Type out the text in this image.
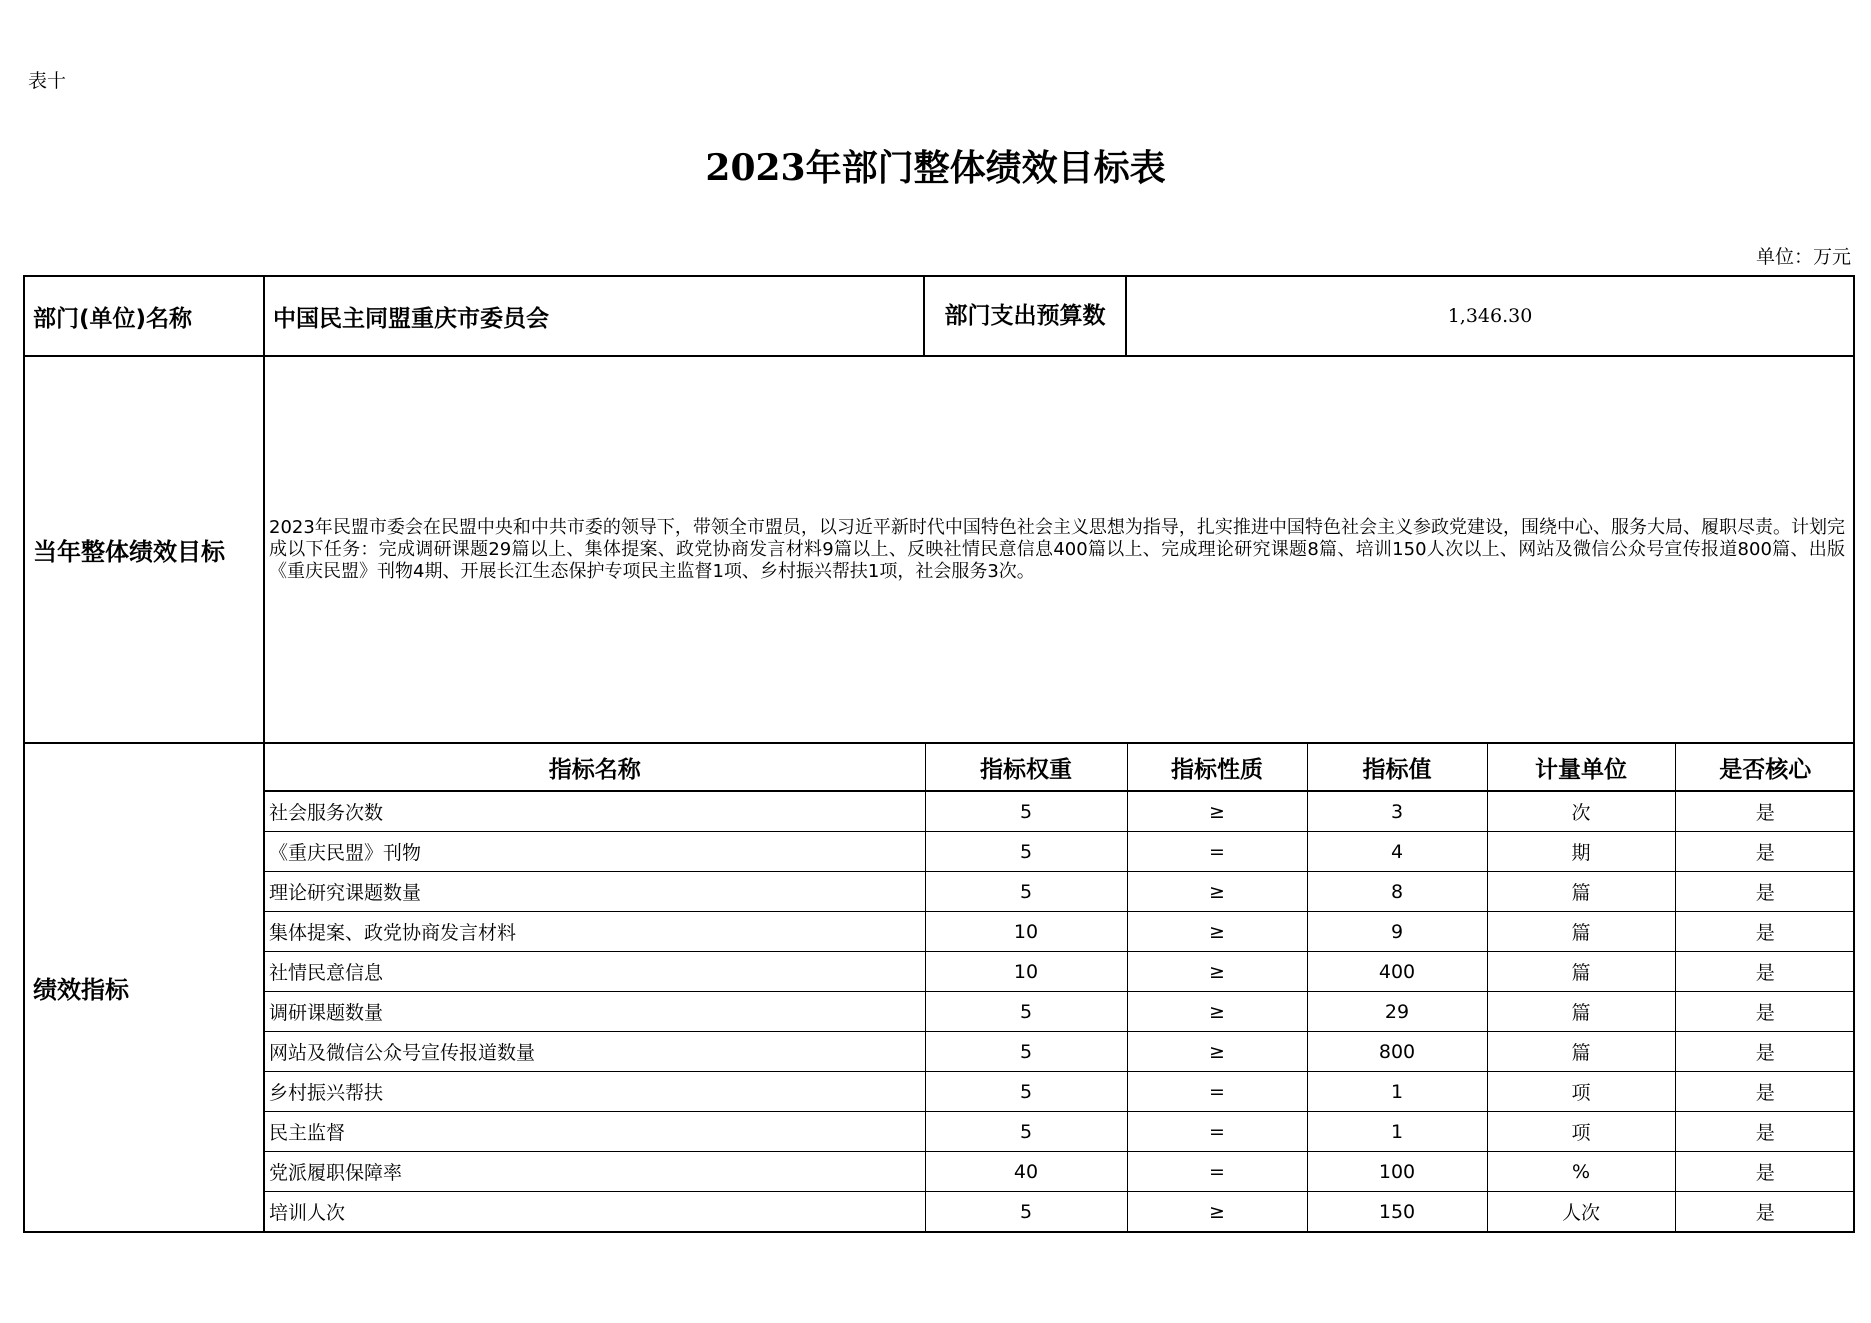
表十
2023年部门整体绩效目标表
单位：万元
部门(单位)名称	中国民主同盟重庆市委员会	部门支出预算数	1,346.30
当年整体绩效目标	2023年民盟市委会在民盟中央和中共市委的领导下，带领全市盟员，以习近平新时代中国特色社会主义思想为指导，扎实推进中国特色社会主义参政党建设，围绕中心、服务大局、履职尽责。计划完成以下任务：完成调研课题29篇以上、集体提案、政党协商发言材料9篇以上、反映社情民意信息400篇以上、完成理论研究课题8篇、培训150人次以上、网站及微信公众号宣传报道800篇、出版《重庆民盟》刊物4期、开展长江生态保护专项民主监督1项、乡村振兴帮扶1项，社会服务3次。
绩效指标	
指标名称	指标权重	指标性质	指标值	计量单位	是否核心
社会服务次数	5	≥	3	次	是
《重庆民盟》刊物	5	=	4	期	是
理论研究课题数量	5	≥	8	篇	是
集体提案、政党协商发言材料	10	≥	9	篇	是
社情民意信息	10	≥	400	篇	是
调研课题数量	5	≥	29	篇	是
网站及微信公众号宣传报道数量	5	≥	800	篇	是
乡村振兴帮扶	5	=	1	项	是
民主监督	5	=	1	项	是
党派履职保障率	40	=	100	%	是
培训人次	5	≥	150	人次	是
